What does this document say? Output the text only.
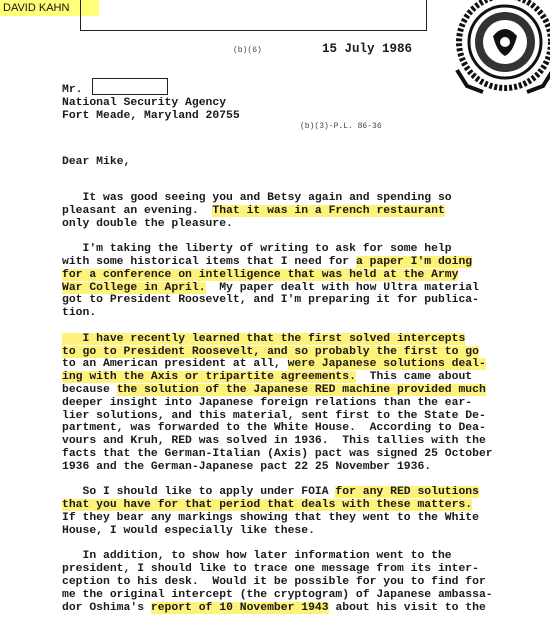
DAVID KAHN
(b)(6)	15 July 1986
Mr.
National Security Agency
Fort Meade, Maryland 20755
(b)(3)-P.L. 86-36
Dear Mike,
It was good seeing you and Betsy again and spending so
pleasant an evening.  That it was in a French restaurant
only double the pleasure.
I'm taking the liberty of writing to ask for some help
with some historical items that I need for a paper I'm doing
for a conference on intelligence that was held at the Army
War College in April.  My paper dealt with how Ultra material
got to President Roosevelt, and I'm preparing it for publica-
tion.
I have recently learned that the first solved intercepts
to go to President Roosevelt, and so probably the first to go
to an American president at all, were Japanese solutions deal-
ing with the Axis or tripartite agreements.  This came about
because the solution of the Japanese RED machine provided much
deeper insight into Japanese foreign relations than the ear-
lier solutions, and this material, sent first to the State De-
partment, was forwarded to the White House.  According to Dea-
vours and Kruh, RED was solved in 1936.  This tallies with the
facts that the German-Italian (Axis) pact was signed 25 October
1936 and the German-Japanese pact 22 25 November 1936.
So I should like to apply under FOIA for any RED solutions
that you have for that period that deals with these matters.
If they bear any markings showing that they went to the White
House, I would especially like these.
In addition, to show how later information went to the
president, I should like to trace one message from its inter-
ception to his desk.  Would it be possible for you to find for
me the original intercept (the cryptogram) of Japanese ambassa-
dor Oshima's report of 10 November 1943 about his visit to the
